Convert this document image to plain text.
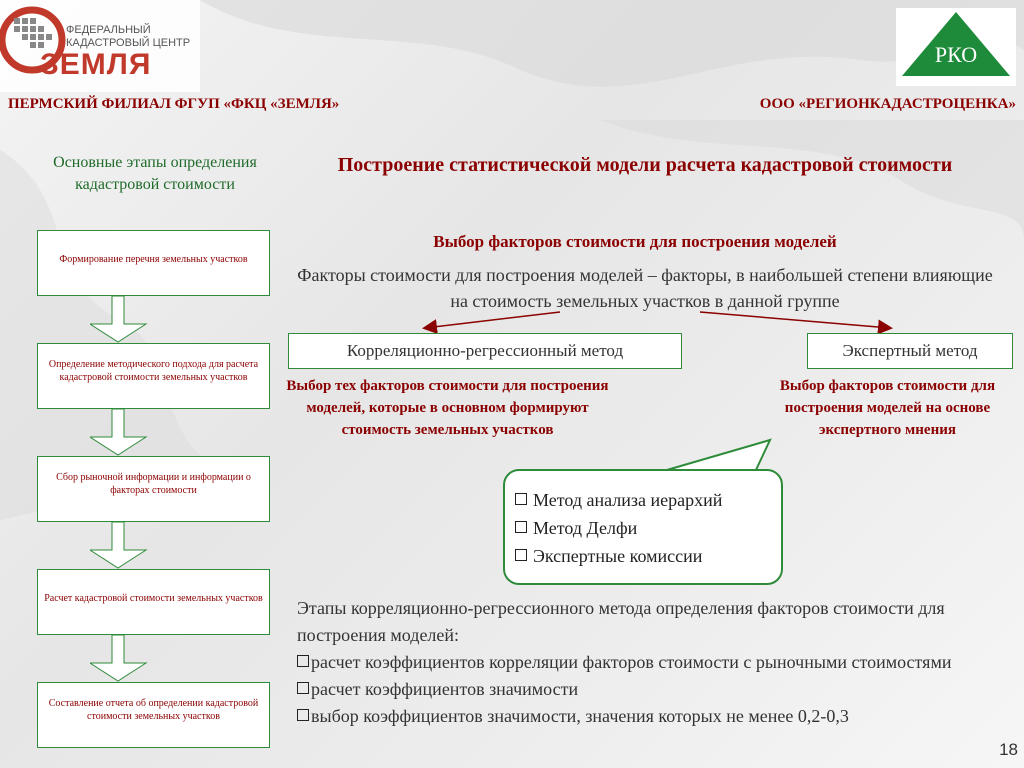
ФЕДЕРАЛЬНЫЙ
КАДАСТРОВЫЙ ЦЕНТР
ЗЕМЛЯ	РКО
ПЕРМСКИЙ ФИЛИАЛ ФГУП «ФКЦ «ЗЕМЛЯ»	ООО «РЕГИОНКАДАСТРОЦЕНКА»
Основные этапы определения кадастровой стоимости
Формирование перечня земельных участков
Определение методического подхода для расчета кадастровой стоимости земельных участков
Сбор рыночной информации и информации о факторах стоимости
Расчет кадастровой стоимости земельных участков
Составление отчета об определении кадастровой стоимости земельных участков
Построение статистической модели расчета кадастровой стоимости
Выбор факторов стоимости для построения моделей
Факторы стоимости для построения моделей – факторы, в наибольшей степени влияющие на стоимость земельных участков в данной группе
Корреляционно-регрессионный метод	Экспертный метод
Выбор тех факторов стоимости для построения моделей, которые в основном формируют стоимость земельных участков
Выбор факторов стоимости для построения моделей на основе экспертного мнения
Метод анализа иерархий
Метод Делфи
Экспертные комиссии
Этапы корреляционно-регрессионного метода определения факторов стоимости для построения моделей:
расчет коэффициентов корреляции факторов стоимости с рыночными стоимостями
расчет коэффициентов значимости
выбор коэффициентов значимости, значения которых не менее 0,2-0,3
18
